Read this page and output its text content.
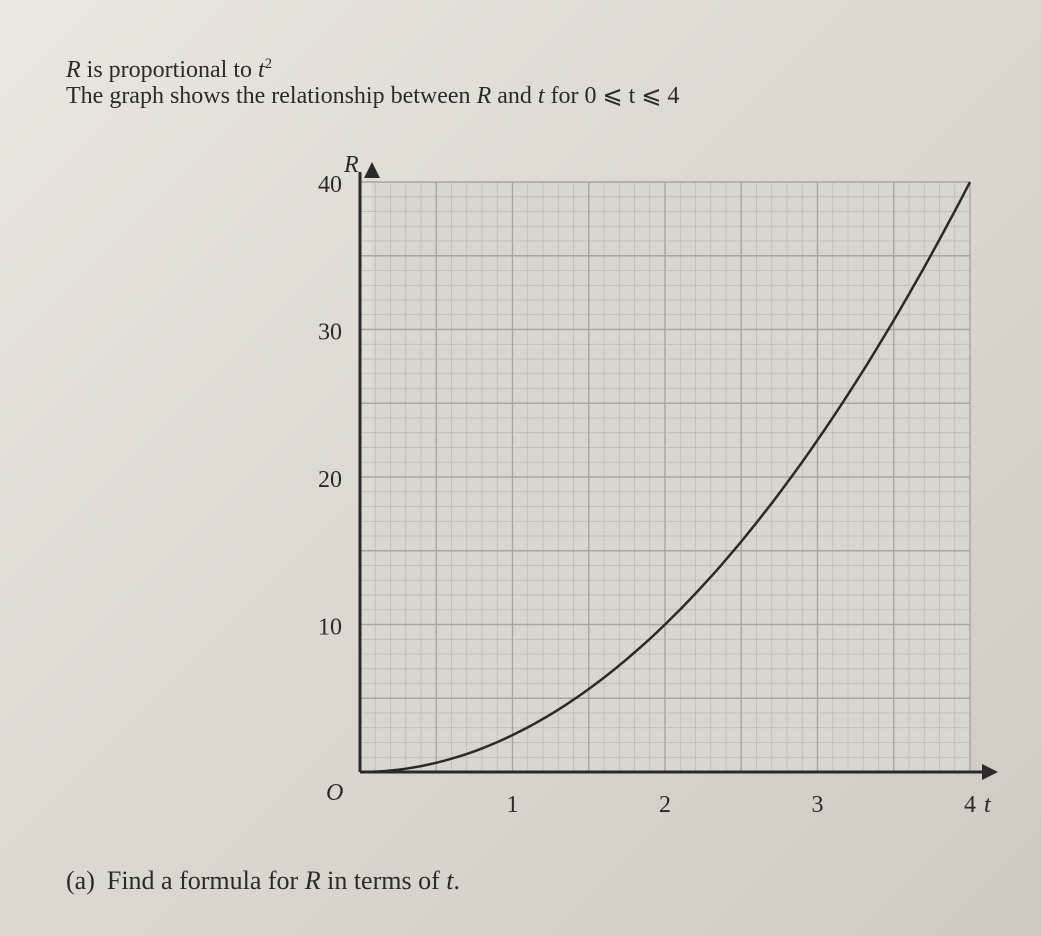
R is proportional to $t^2$
The graph shows the relationship between R and t for 0 ⩽ t ⩽ 4
1	2	3	4
10
20
30
40
t
R
O
(a) Find a formula for R in terms of t.
